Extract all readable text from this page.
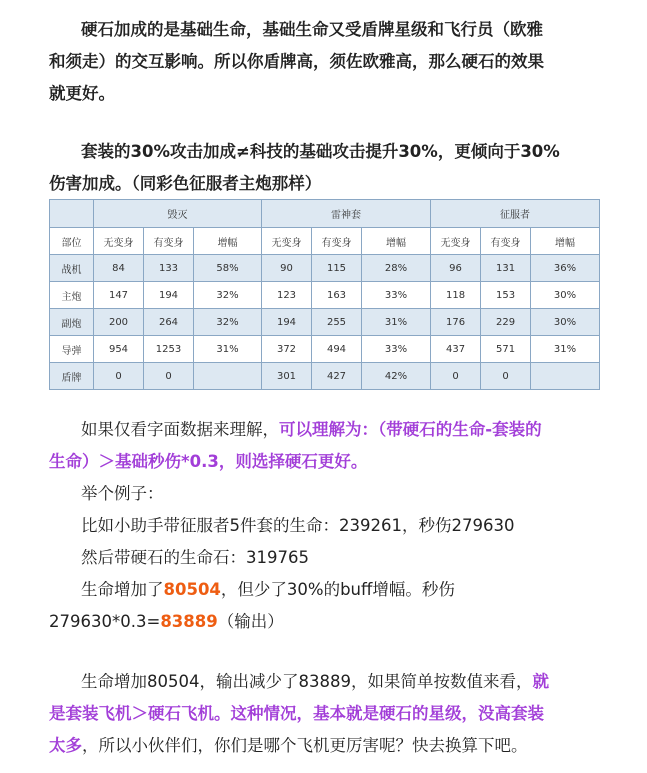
硬石加成的是基础生命，基础生命又受盾牌星级和飞行员（欧雅
和须走）的交互影响。所以你盾牌高，须佐欧雅高，那么硬石的效果
就更好。

套装的30%攻击加成≠科技的基础攻击提升30%，更倾向于30%
伤害加成。（同彩色征服者主炮那样）

	毁灭			雷神套			征服者		
部位	无变身	有变身	增幅	无变身	有变身	增幅	无变身	有变身	增幅
战机	84	133	58%	90	115	28%	96	131	36%
主炮	147	194	32%	123	163	33%	118	153	30%
副炮	200	264	32%	194	255	31%	176	229	30%
导弹	954	1253	31%	372	494	33%	437	571	31%
盾牌	0	0		301	427	42%	0	0	

如果仅看字面数据来理解，可以理解为：（带硬石的生命-套装的
生命）＞基础秒伤*0.3，则选择硬石更好。
举个例子：
比如小助手带征服者5件套的生命：239261，秒伤279630
然后带硬石的生命石：319765
生命增加了80504，但少了30%的buff增幅。秒伤
279630*0.3=83889（输出）

生命增加80504，输出减少了83889，如果简单按数值来看，就
是套装飞机＞硬石飞机。这种情况，基本就是硬石的星级，没高套装
太多，所以小伙伴们，你们是哪个飞机更厉害呢？快去换算下吧。
